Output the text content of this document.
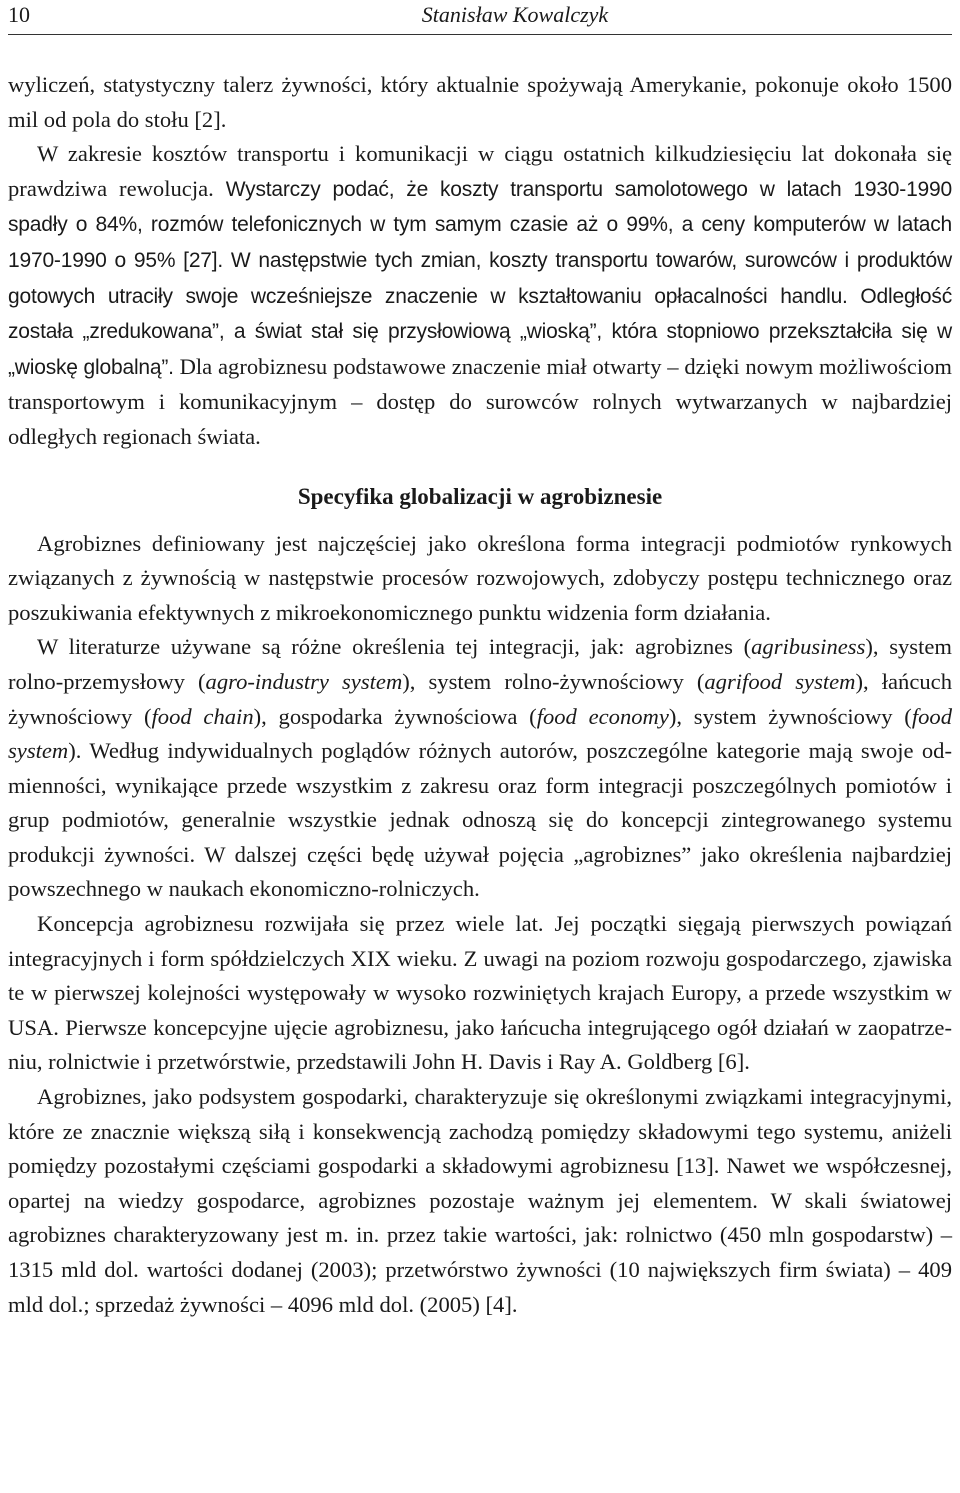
10	Stanisław Kowalczyk

wyliczeń, statystyczny talerz żywności, który aktualnie spożywają Amerykanie, pokonuje około 1500 mil od pola do stołu [2].

W zakresie kosztów transportu i komunikacji w ciągu ostatnich kilkudziesięciu lat dokonała się prawdziwa rewolucja. Wystarczy podać, że koszty transportu samolotowego w latach 1930-1990 spadły o 84%, rozmów telefonicznych w tym samym czasie aż o 99%, a ceny komputerów w latach 1970-1990 o 95% [27]. W następstwie tych zmian, koszty transportu towarów, surowców i produktów gotowych utraciły swoje wcześniejsze znaczenie w kształtowaniu opłacalności handlu. Odległość została „zredukowana”, a świat stał się przysłowiową „wioską”, która stopniowo przekształciła się w „wioskę globalną”. Dla agrobiznesu podstawowe znaczenie miał otwarty – dzięki nowym możliwościom transportowym i komunikacyjnym – dostęp do surowców rolnych wytwarzanych w najbardziej odległych regionach świata.

Specyfika globalizacji w agrobiznesie

Agrobiznes definiowany jest najczęściej jako określona forma integracji podmiotów rynkowych związanych z żywnością w następstwie procesów rozwojowych, zdobyczy postępu technicznego oraz poszukiwania efektywnych z mikroekonomicznego punktu widzenia form działania.

W literaturze używane są różne określenia tej integracji, jak: agrobiznes (agribusiness), system rolno-przemysłowy (agro-industry system), system rolno-żywnościowy (agrifood system), łańcuch żywnościowy (food chain), gospodarka żywnościowa (food economy), system żywnościowy (food system). Według indywidualnych poglądów różnych autorów, poszczególne kategorie mają swoje odmienności, wynikające przede wszystkim z zakresu oraz form integracji poszczególnych pomiotów i grup podmiotów, generalnie wszystkie jednak odnoszą się do koncepcji zintegrowanego systemu produkcji żywności. W dalszej części będę używał pojęcia „agrobiznes” jako określenia najbardziej powszechnego w naukach ekonomiczno-rolniczych.

Koncepcja agrobiznesu rozwijała się przez wiele lat. Jej początki sięgają pierwszych powiązań integracyjnych i form spółdzielczych XIX wieku. Z uwagi na poziom rozwoju gospodarczego, zjawiska te w pierwszej kolejności występowały w wysoko rozwiniętych krajach Europy, a przede wszystkim w USA. Pierwsze koncepcyjne ujęcie agrobiznesu, jako łańcucha integrującego ogół działań w zaopatrzeniu, rolnictwie i przetwórstwie, przedstawili John H. Davis i Ray A. Goldberg [6].

Agrobiznes, jako podsystem gospodarki, charakteryzuje się określonymi związkami integracyjnymi, które ze znacznie większą siłą i konsekwencją zachodzą pomiędzy składowymi tego systemu, aniżeli pomiędzy pozostałymi częściami gospodarki a składowymi agrobiznesu [13]. Nawet we współczesnej, opartej na wiedzy gospodarce, agrobiznes pozostaje ważnym jej elementem. W skali światowej agrobiznes charakteryzowany jest m. in. przez takie wartości, jak: rolnictwo (450 mln gospodarstw) – 1315 mld dol. wartości dodanej (2003); przetwórstwo żywności (10 największych firm świata) – 409 mld dol.; sprzedaż żywności – 4096 mld dol. (2005) [4].
